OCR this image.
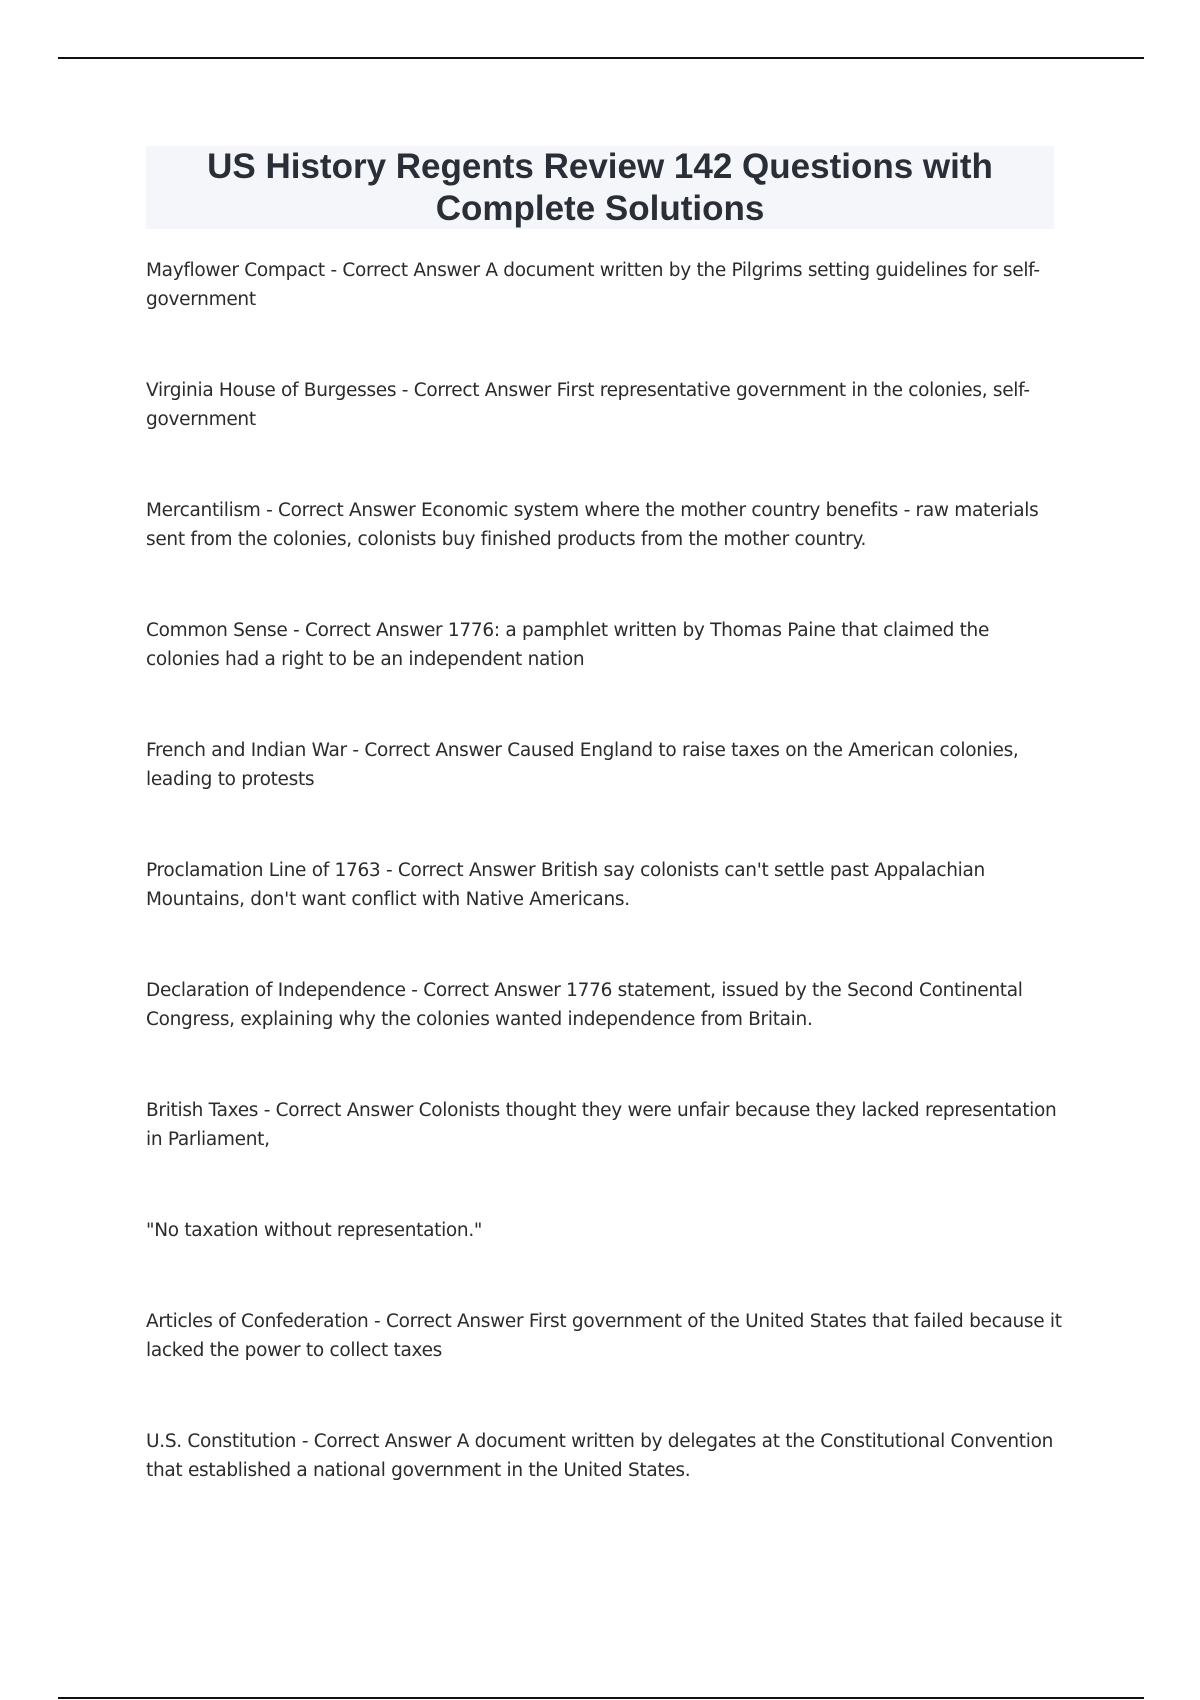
US History Regents Review 142 Questions with Complete Solutions

Mayflower Compact - Correct Answer A document written by the Pilgrims setting guidelines for self-government

Virginia House of Burgesses - Correct Answer First representative government in the colonies, self-government

Mercantilism - Correct Answer Economic system where the mother country benefits - raw materials sent from the colonies, colonists buy finished products from the mother country.

Common Sense - Correct Answer 1776: a pamphlet written by Thomas Paine that claimed the colonies had a right to be an independent nation

French and Indian War - Correct Answer Caused England to raise taxes on the American colonies, leading to protests

Proclamation Line of 1763 - Correct Answer British say colonists can't settle past Appalachian Mountains, don't want conflict with Native Americans.

Declaration of Independence - Correct Answer 1776 statement, issued by the Second Continental Congress, explaining why the colonies wanted independence from Britain.

British Taxes - Correct Answer Colonists thought they were unfair because they lacked representation in Parliament,

"No taxation without representation."

Articles of Confederation - Correct Answer First government of the United States that failed because it lacked the power to collect taxes

U.S. Constitution - Correct Answer A document written by delegates at the Constitutional Convention that established a national government in the United States.
